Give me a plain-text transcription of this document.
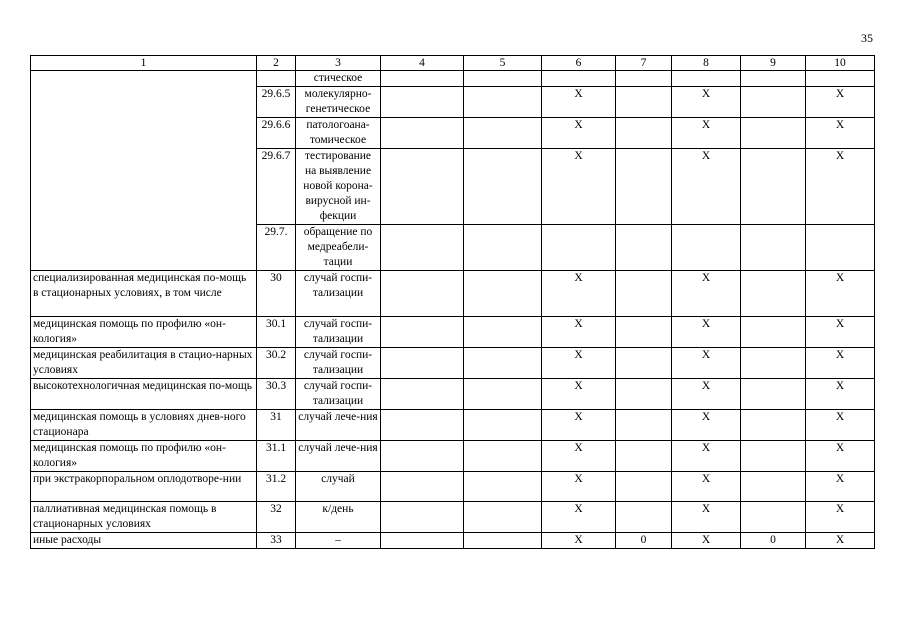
35
1	2	3	4	5	6	7	8	9	10
		стическое							
	29.6.5	молекулярно-генетическое			X		X		X
	29.6.6	патологоана-томическое			X		X		X
	29.6.7	тестирование на выявление новой корона-вирусной ин-фекции			X		X		X
	29.7.	обращение по медреабели-тации							
специализированная медицинская по-мощь в стационарных условиях, в том числе	30	случай госпи-тализации			X		X		X
медицинская помощь по профилю «он-кология»	30.1	случай госпи-тализации			X		X		X
медицинская реабилитация в стацио-нарных условиях	30.2	случай госпи-тализации			X		X		X
высокотехнологичная медицинская по-мощь	30.3	случай госпи-тализации			X		X		X
медицинская помощь в условиях днев-ного стационара	31	случай лече-ния			X		X		X
медицинская помощь по профилю «он-кология»	31.1	случай лече-ния			X		X		X
при экстракорпоральном оплодотворе-нии	31.2	случай			X		X		X
паллиативная медицинская помощь в стационарных условиях	32	к/день			X		X		X
иные расходы	33	–			X	0	X	0	X
